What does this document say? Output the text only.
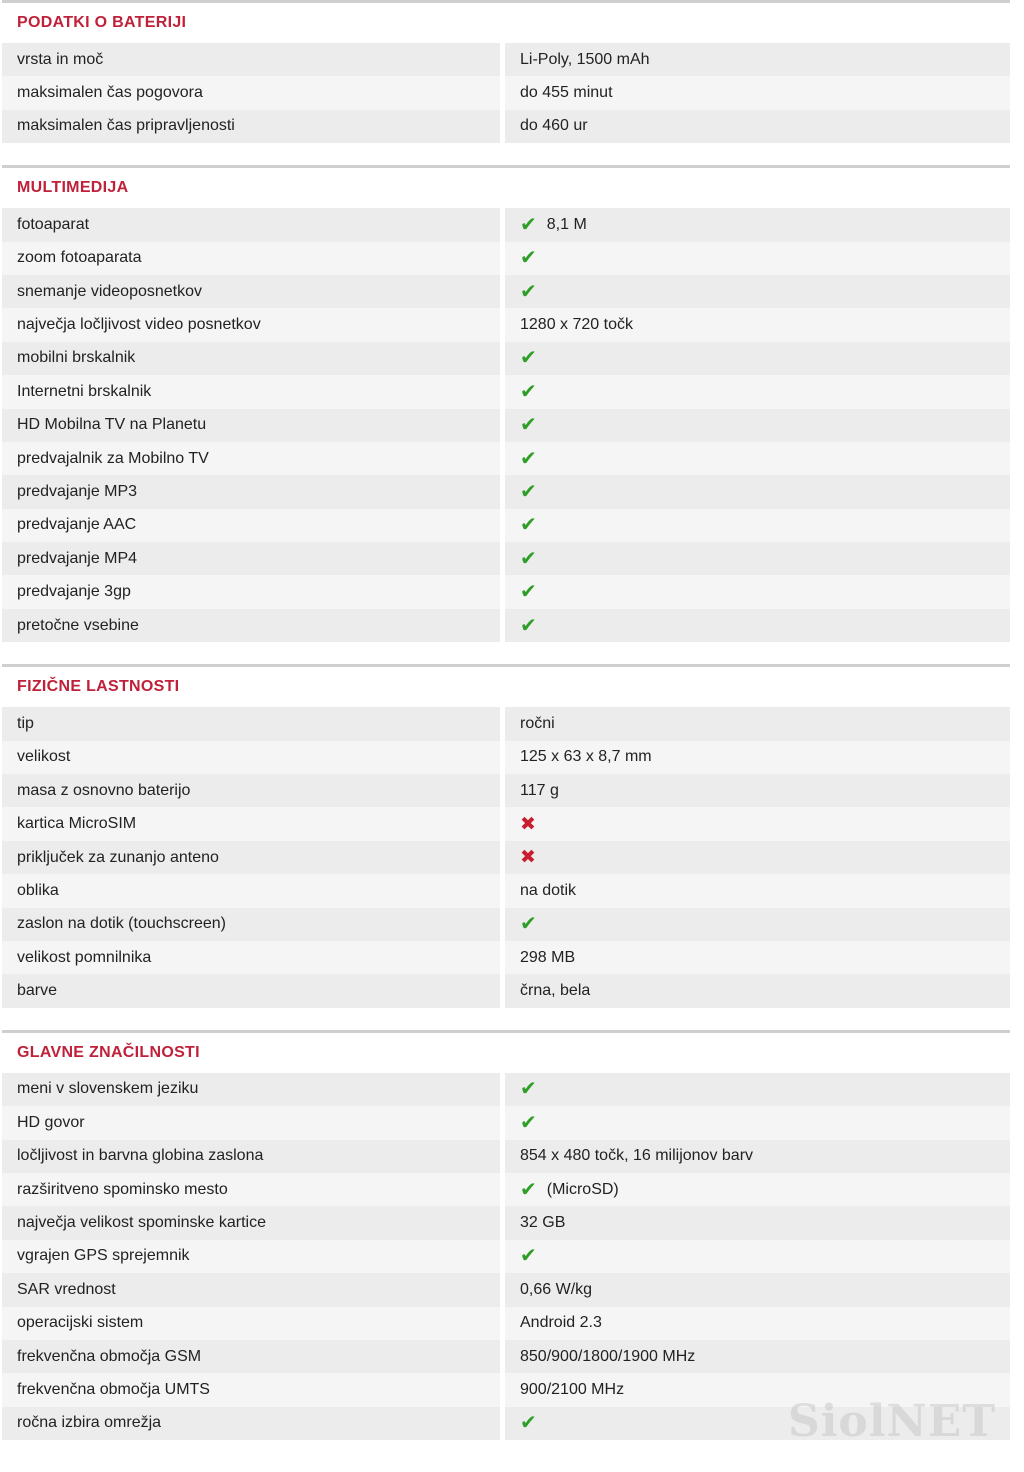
PODATKI O BATERIJI
vrsta in moč	Li-Poly, 1500 mAh
maksimalen čas pogovora	do 455 minut
maksimalen čas pripravljenosti	do 460 ur
MULTIMEDIJA
fotoaparat	✔ 8,1 M
zoom fotoaparata	✔
snemanje videoposnetkov	✔
največja ločljivost video posnetkov	1280 x 720 točk
mobilni brskalnik	✔
Internetni brskalnik	✔
HD Mobilna TV na Planetu	✔
predvajalnik za Mobilno TV	✔
predvajanje MP3	✔
predvajanje AAC	✔
predvajanje MP4	✔
predvajanje 3gp	✔
pretočne vsebine	✔
FIZIČNE LASTNOSTI
tip	ročni
velikost	125 x 63 x 8,7 mm
masa z osnovno baterijo	117 g
kartica MicroSIM	✖
priključek za zunanjo anteno	✖
oblika	na dotik
zaslon na dotik (touchscreen)	✔
velikost pomnilnika	298 MB
barve	črna, bela
GLAVNE ZNAČILNOSTI
meni v slovenskem jeziku	✔
HD govor	✔
ločljivost in barvna globina zaslona	854 x 480 točk, 16 milijonov barv
razširitveno spominsko mesto	✔ (MicroSD)
največja velikost spominske kartice	32 GB
vgrajen GPS sprejemnik	✔
SAR vrednost	0,66 W/kg
operacijski sistem	Android 2.3
frekvenčna območja GSM	850/900/1800/1900 MHz
frekvenčna območja UMTS	900/2100 MHz
ročna izbira omrežja	✔	SiolNET
